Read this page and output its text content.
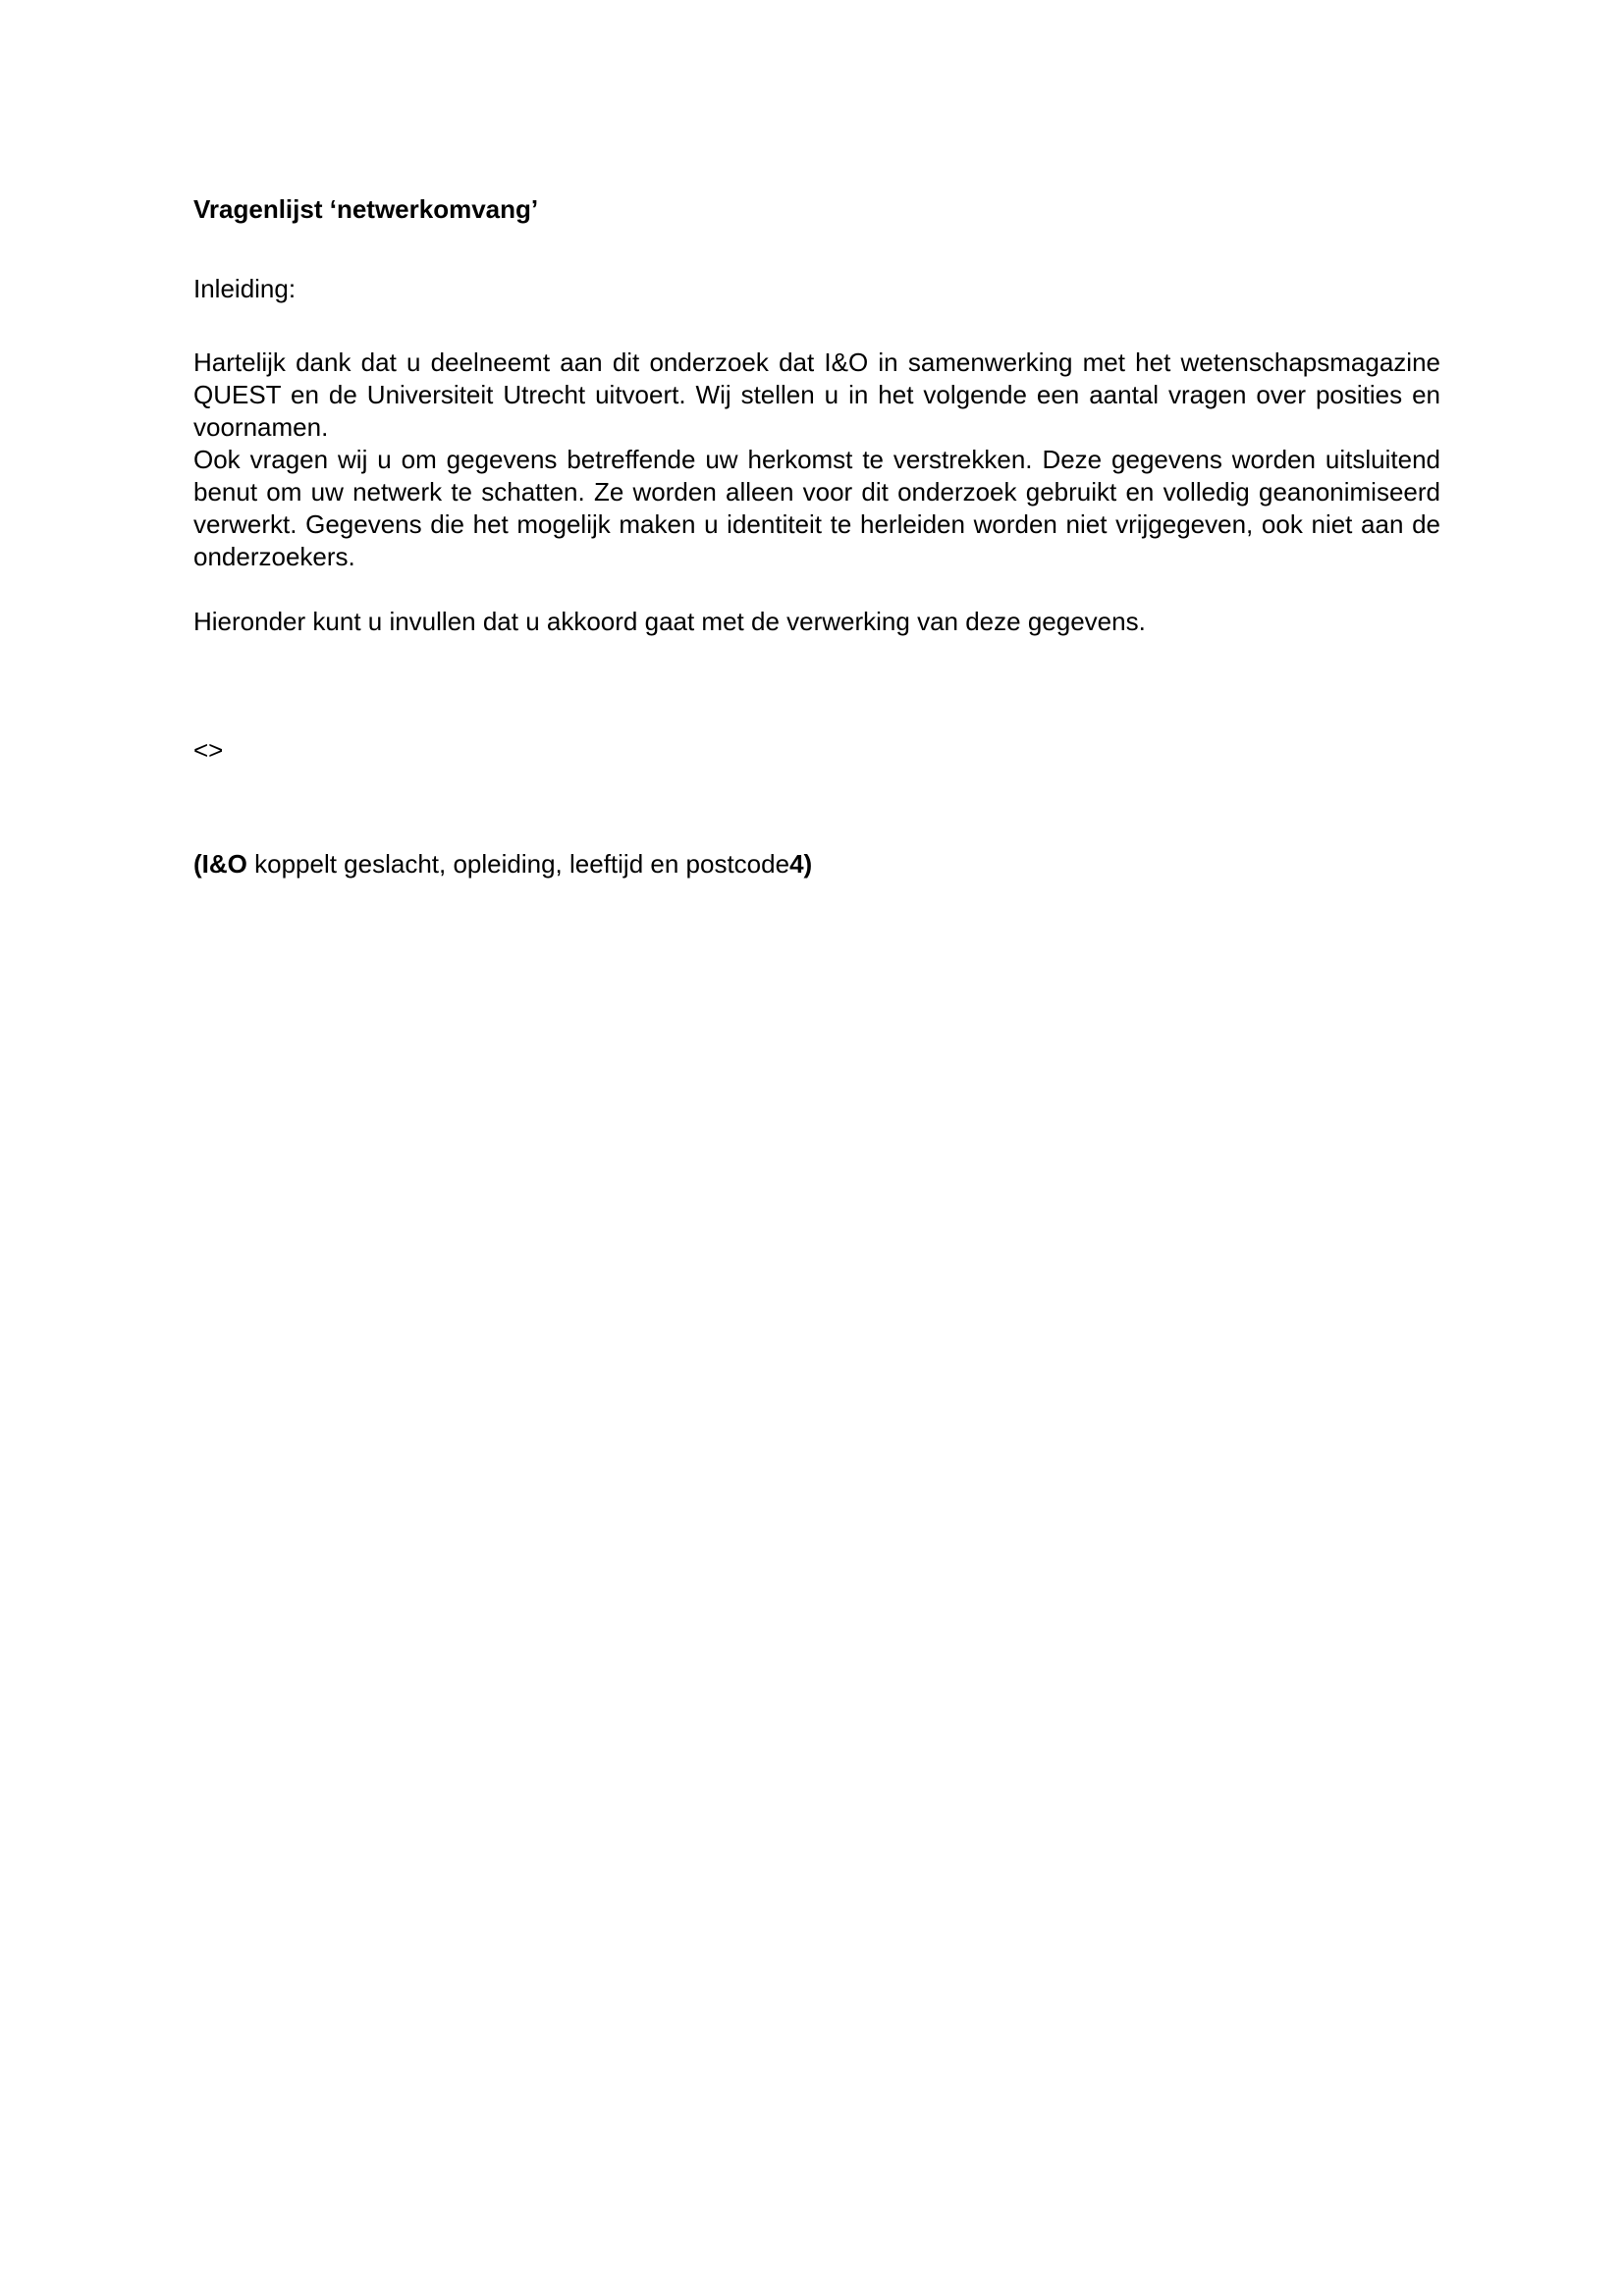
Vragenlijst ‘netwerkomvang’

Inleiding:

Hartelijk dank dat u deelneemt aan dit onderzoek dat I&O in samenwerking met het wetenschapsmagazine QUEST en de Universiteit Utrecht uitvoert. Wij stellen u in het volgende een aantal vragen over posities en voornamen.

Ook vragen wij u om gegevens betreffende uw herkomst te verstrekken. Deze gegevens worden uitsluitend benut om uw netwerk te schatten. Ze worden alleen voor dit onderzoek gebruikt en volledig geanonimiseerd verwerkt. Gegevens die het mogelijk maken u identiteit te herleiden worden niet vrijgegeven, ook niet aan de onderzoekers.

Hieronder kunt u invullen dat u akkoord gaat met de verwerking van deze gegevens.

<>

(I&O koppelt geslacht, opleiding, leeftijd en postcode4)
